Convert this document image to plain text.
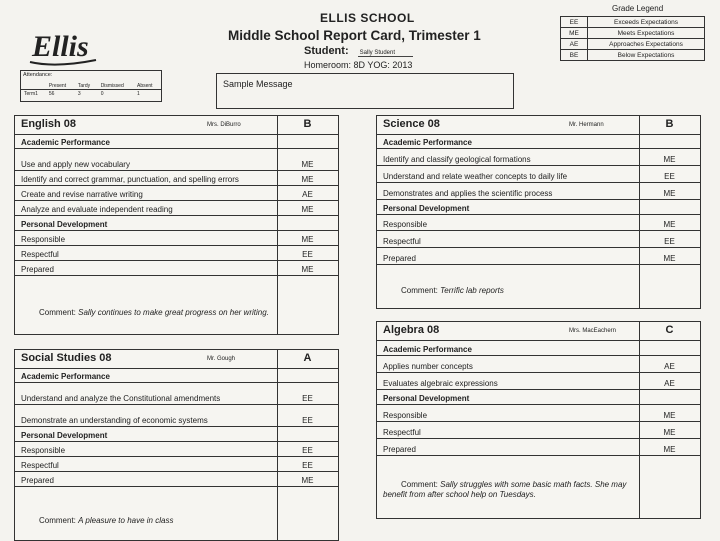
Ellis
ELLIS SCHOOL
Middle School Report Card, Trimester 1
Student: Sally Student
Homeroom: 8D YOG: 2013
Grade Legend
EE	Exceeds Expectations
ME	Meets Expectations
AE	Approaches Expectations
BE	Below Expectations
Attendance:
	Present	Tardy	Dismissed	Absent
Term1	56	3	0	1
Sample Message
English 08	Mrs. DiBurro	B
Academic Performance
Use and apply new vocabulary	ME
Identify and correct grammar, punctuation, and spelling errors	ME
Create and revise narrative writing	AE
Analyze and evaluate independent reading	ME
Personal Development
Responsible	ME
Respectful	EE
Prepared	ME
Comment: Sally continues to make great progress on her writing.
Social Studies 08	Mr. Gough	A
Academic Performance
Understand and analyze the Constitutional amendments	EE
Demonstrate an understanding of economic systems	EE
Personal Development
Responsible	EE
Respectful	EE
Prepared	ME
Comment: A pleasure to have in class
Science 08	Mr. Hermann	B
Academic Performance
Identify and classify geological formations	ME
Understand and relate weather concepts to daily life	EE
Demonstrates and applies the scientific process	ME
Personal Development
Responsible	ME
Respectful	EE
Prepared	ME
Comment: Terrific lab reports
Algebra 08	Mrs. MacEachern	C
Academic Performance
Applies number concepts	AE
Evaluates algebraic expressions	AE
Personal Development
Responsible	ME
Respectful	ME
Prepared	ME
Comment: Sally struggles with some basic math facts. She may benefit from after school help on Tuesdays.
